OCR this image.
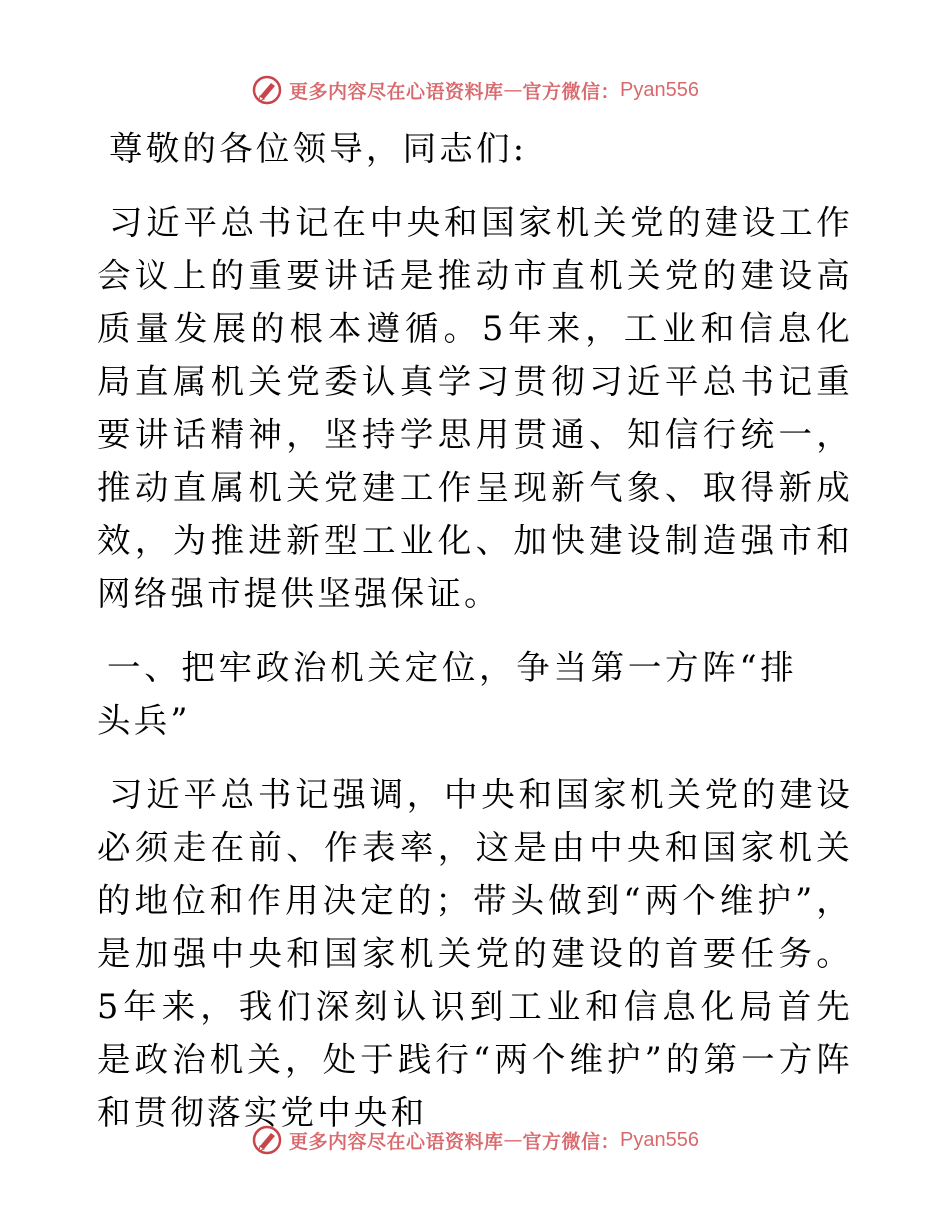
更多内容尽在心语资料库 — 官方微信： Pyan556

尊敬的各位领导，同志们:

习近平总书记在中央和国家机关党的建设工作会议上的重要讲话是推动市直机关党的建设高质量发展的根本遵循。5年来，工业和信息化局直属机关党委认真学习贯彻习近平总书记重要讲话精神，坚持学思用贯通、知信行统一，推动直属机关党建工作呈现新气象、取得新成效，为推进新型工业化、加快建设制造强市和网络强市提供坚强保证。

一、把牢政治机关定位，争当第一方阵“排头兵”

习近平总书记强调，中央和国家机关党的建设必须走在前、作表率，这是由中央和国家机关的地位和作用决定的；带头做到“两个维护”，是加强中央和国家机关党的建设的首要任务。5年来，我们深刻认识到工业和信息化局首先是政治机关，处于践行“两个维护”的第一方阵和贯彻落实党中央和

更多内容尽在心语资料库 — 官方微信： Pyan556
